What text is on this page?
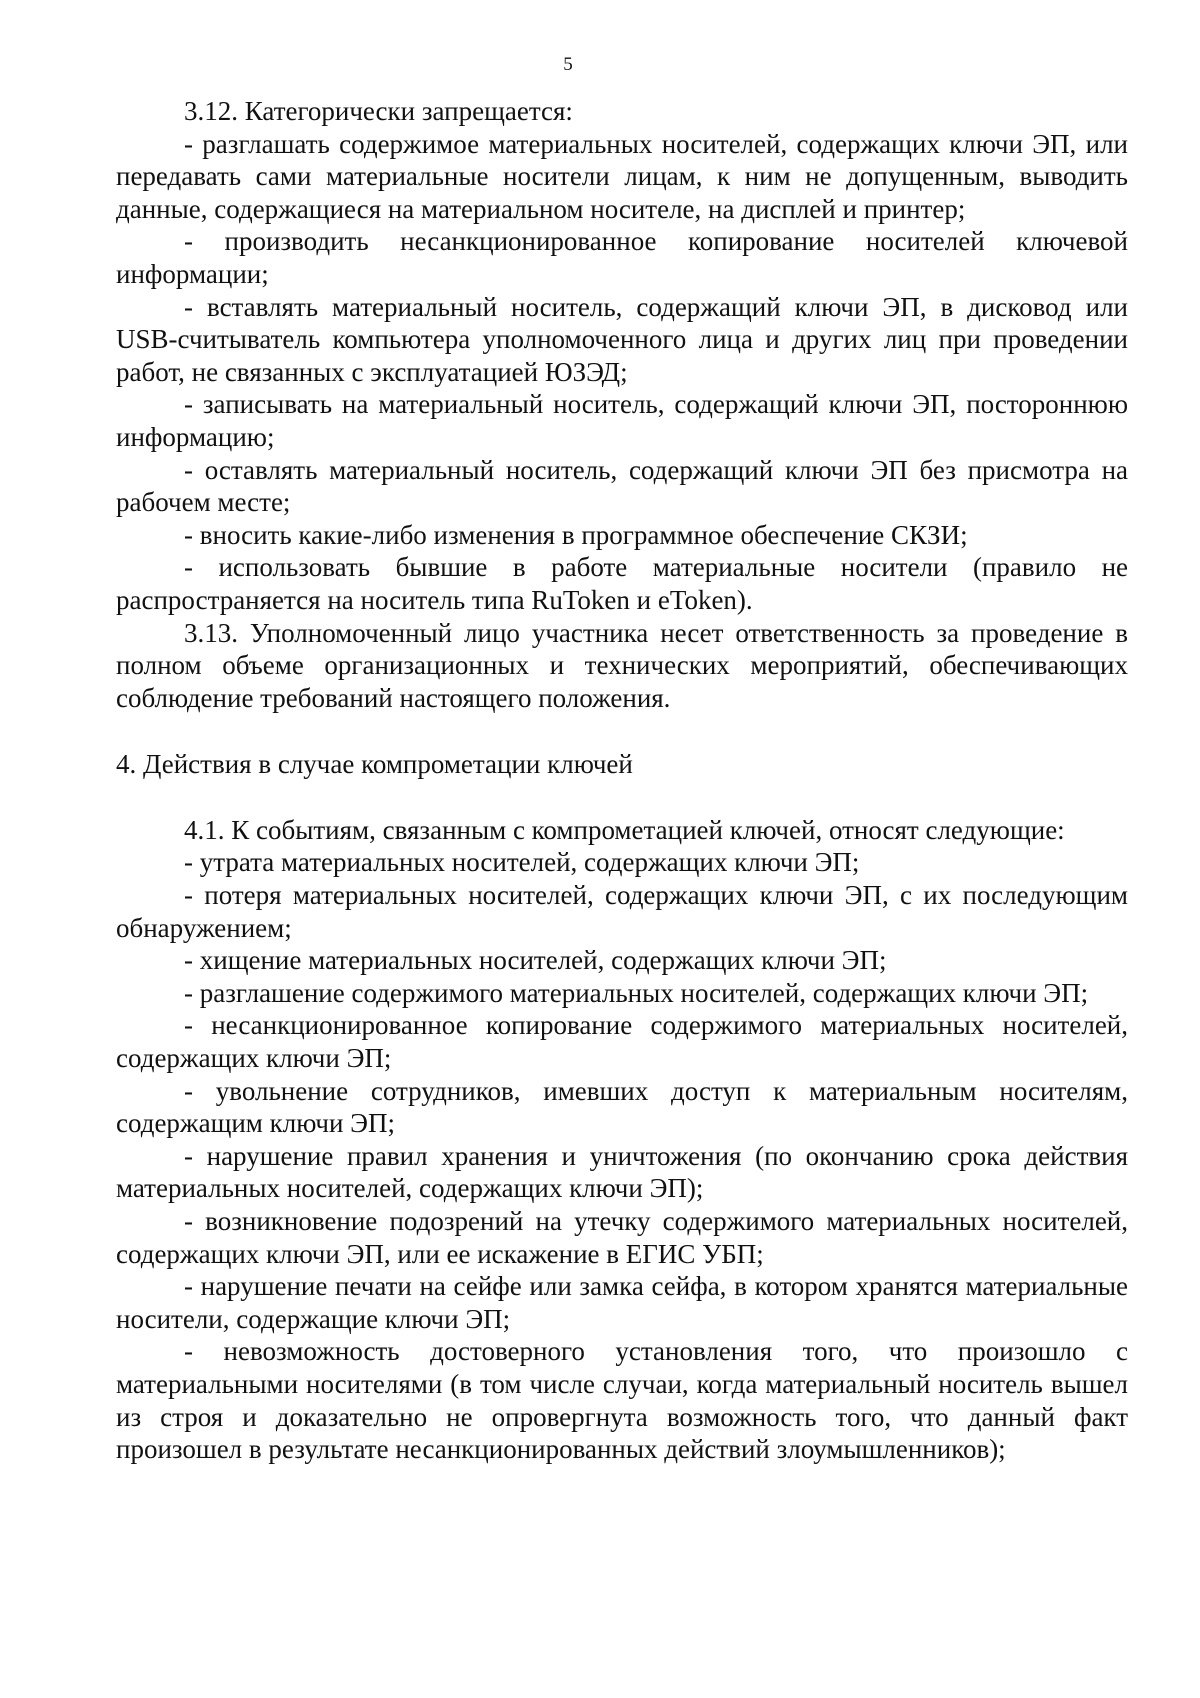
5

3.12. Категорически запрещается:

- разглашать содержимое материальных носителей, содержащих ключи ЭП, или передавать сами материальные носители лицам, к ним не допущенным, выводить данные, содержащиеся на материальном носителе, на дисплей и принтер;

- производить несанкционированное копирование носителей ключевой информации;

- вставлять материальный носитель, содержащий ключи ЭП, в дисковод или USB-считыватель компьютера уполномоченного лица и других лиц при проведении работ, не связанных с эксплуатацией ЮЗЭД;

- записывать на материальный носитель, содержащий ключи ЭП, постороннюю информацию;

- оставлять материальный носитель, содержащий ключи ЭП без присмотра на рабочем месте;

- вносить какие-либо изменения в программное обеспечение СКЗИ;

- использовать бывшие в работе материальные носители (правило не распространяется на носитель типа RuToken и eToken).

3.13. Уполномоченный лицо участника несет ответственность за проведение в полном объеме организационных и технических мероприятий, обеспечивающих соблюдение требований настоящего положения.

4. Действия в случае компрометации ключей

4.1. К событиям, связанным с компрометацией ключей, относят следующие:

- утрата материальных носителей, содержащих ключи ЭП;

- потеря материальных носителей, содержащих ключи ЭП, с их последующим обнаружением;

- хищение материальных носителей, содержащих ключи ЭП;

- разглашение содержимого материальных носителей, содержащих ключи ЭП;

- несанкционированное копирование содержимого материальных носителей, содержащих ключи ЭП;

- увольнение сотрудников, имевших доступ к материальным носителям, содержащим ключи ЭП;

- нарушение правил хранения и уничтожения (по окончанию срока действия материальных носителей, содержащих ключи ЭП);

- возникновение подозрений на утечку содержимого материальных носителей, содержащих ключи ЭП, или ее искажение в ЕГИС УБП;

- нарушение печати на сейфе или замка сейфа, в котором хранятся материальные носители, содержащие ключи ЭП;

- невозможность достоверного установления того, что произошло с материальными носителями (в том числе случаи, когда материальный носитель вышел из строя и доказательно не опровергнута возможность того, что данный факт произошел в результате несанкционированных действий злоумышленников);
